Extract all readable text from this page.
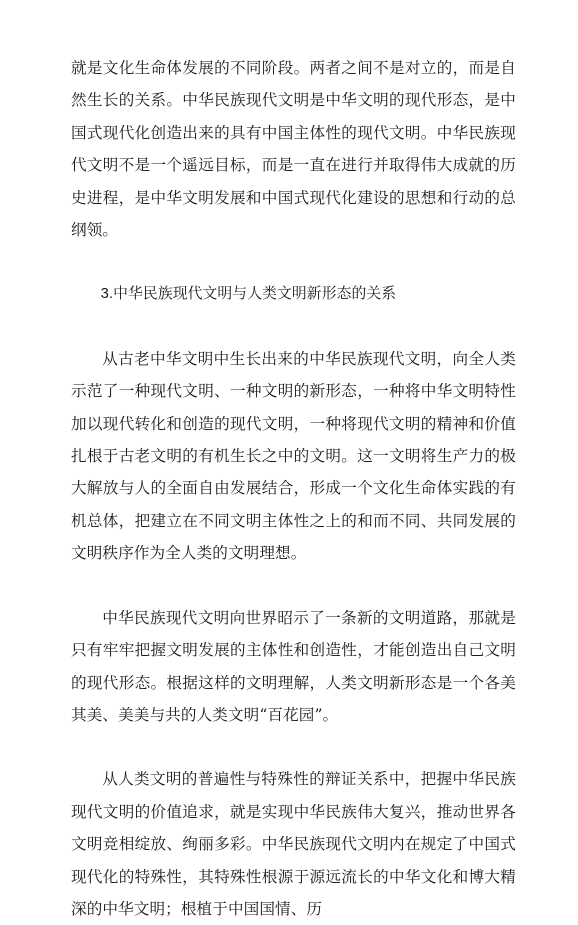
就是文化生命体发展的不同阶段。两者之间不是对立的，而是自然生长的关系。中华民族现代文明是中华文明的现代形态，是中国式现代化创造出来的具有中国主体性的现代文明。中华民族现代文明不是一个遥远目标，而是一直在进行并取得伟大成就的历史进程，是中华文明发展和中国式现代化建设的思想和行动的总纲领。

3.中华民族现代文明与人类文明新形态的关系

从古老中华文明中生长出来的中华民族现代文明，向全人类示范了一种现代文明、一种文明的新形态，一种将中华文明特性加以现代转化和创造的现代文明，一种将现代文明的精神和价值扎根于古老文明的有机生长之中的文明。这一文明将生产力的极大解放与人的全面自由发展结合，形成一个文化生命体实践的有机总体，把建立在不同文明主体性之上的和而不同、共同发展的文明秩序作为全人类的文明理想。

中华民族现代文明向世界昭示了一条新的文明道路，那就是只有牢牢把握文明发展的主体性和创造性，才能创造出自己文明的现代形态。根据这样的文明理解，人类文明新形态是一个各美其美、美美与共的人类文明“百花园”。

从人类文明的普遍性与特殊性的辩证关系中，把握中华民族现代文明的价值追求，就是实现中华民族伟大复兴，推动世界各文明竞相绽放、绚丽多彩。中华民族现代文明内在规定了中国式现代化的特殊性，其特殊性根源于源远流长的中华文化和博大精深的中华文明；根植于中国国情、历
